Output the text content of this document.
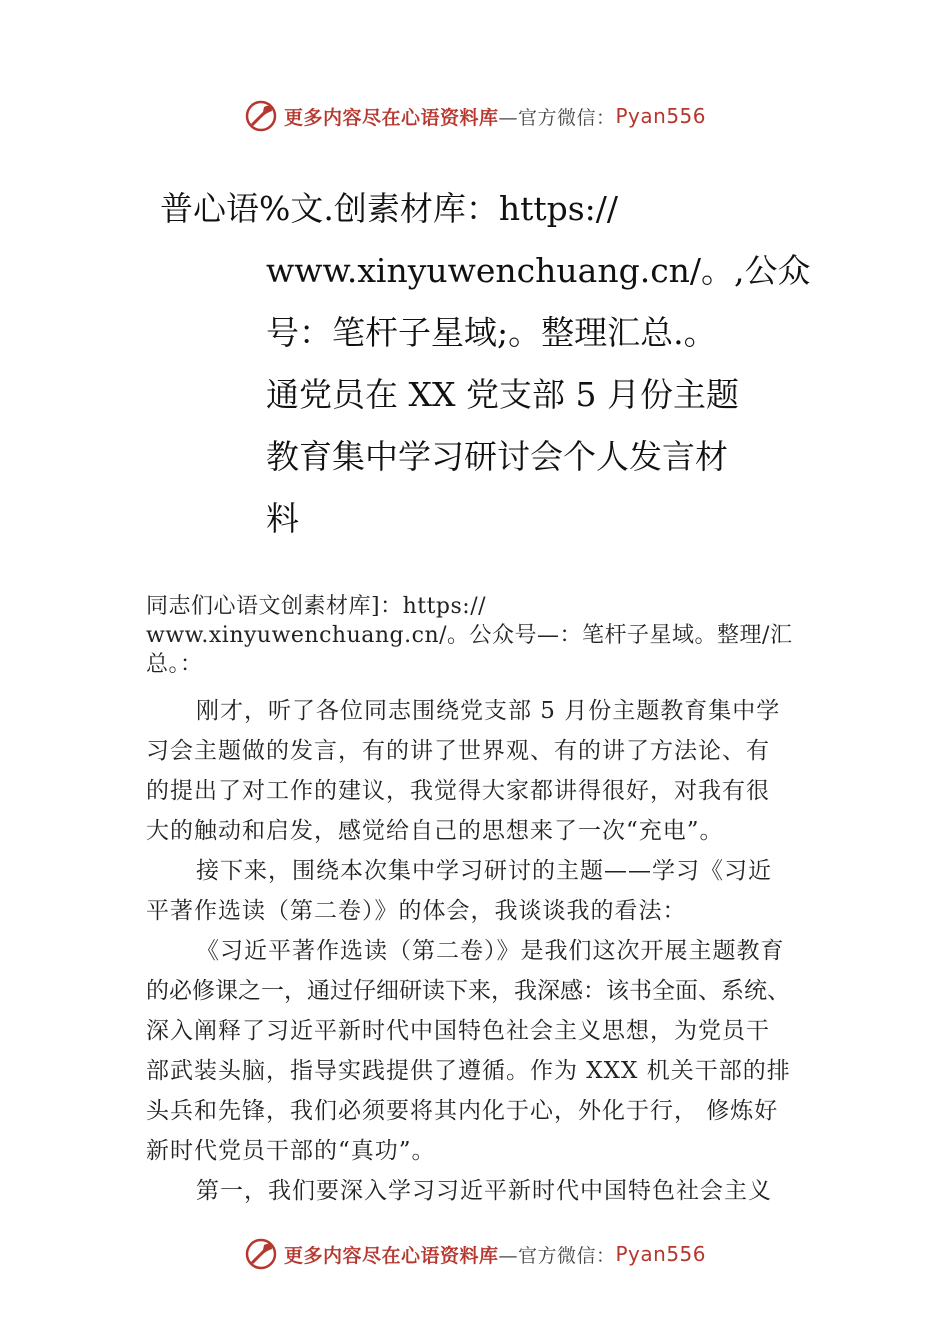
更多内容尽在心语资料库 —官方微信： Pyan556
普心语%文.创素材库：https://
www.xinyuwenchuang.cn/。,公众
号：笔杆子星域;。整理汇总.。
通党员在 XX 党支部 5 月份主题
教育集中学习研讨会个人发言材
料

同志们心语文创素材库]：https://

www.xinyuwenchuang.cn/。公众号—：笔杆子星域。整理/汇

总。：

刚才，听了各位同志围绕党支部 5 月份主题教育集中学

习会主题做的发言，有的讲了世界观、有的讲了方法论、有

的提出了对工作的建议，我觉得大家都讲得很好，对我有很

大的触动和启发，感觉给自己的思想来了一次“充电”。

接下来，围绕本次集中学习研讨的主题——学习《习近

平著作选读（第二卷）》的体会，我谈谈我的看法：

《习近平著作选读（第二卷）》是我们这次开展主题教育

的必修课之一，通过仔细研读下来，我深感：该书全面、系统、

深入阐释了习近平新时代中国特色社会主义思想，为党员干

部武装头脑，指导实践提供了遵循。作为 XXX 机关干部的排

头兵和先锋，我们必须要将其内化于心，外化于行， 修炼好

新时代党员干部的“真功”。

第一，我们要深入学习习近平新时代中国特色社会主义

更多内容尽在心语资料库 —官方微信： Pyan556
